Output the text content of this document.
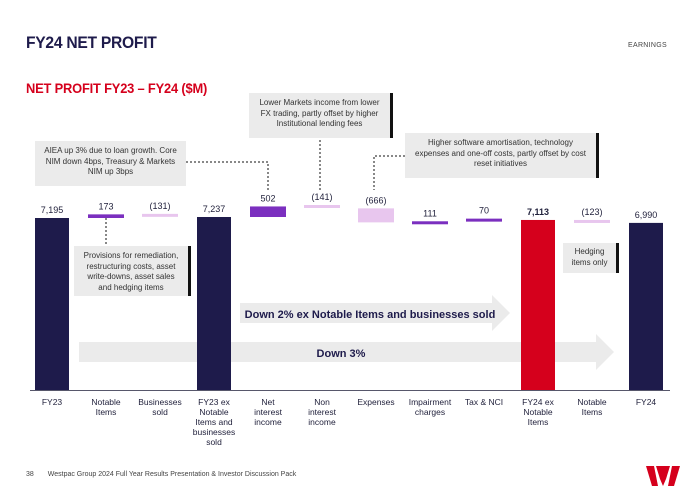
FY24 NET PROFIT	EARNINGS
NET PROFIT FY23 – FY24 ($M)
Down 3%
Down 2% ex Notable Items and businesses sold
7,195
FY23
173
Notable Items
(131)
Businesses sold
7,237
FY23 ex Notable Items and businesses sold
502
Net interest income
(141)
Non interest income
(666)
Expenses
111
Impairment charges
70
Tax & NCI
7,113
FY24 ex Notable Items
(123)
Notable Items
6,990
FY24
AIEA up 3% due to loan growth. Core NIM down 4bps, Treasury & Markets NIM up 3bps
Lower Markets income from lower FX trading, partly offset by higher Institutional lending fees
Higher software amortisation, technology expenses and one-off costs, partly offset by cost reset initiatives
Provisions for remediation, restructuring costs, asset write-downs, asset sales and hedging items
Hedging items only
38 Westpac Group 2024 Full Year Results Presentation & Investor Discussion Pack
